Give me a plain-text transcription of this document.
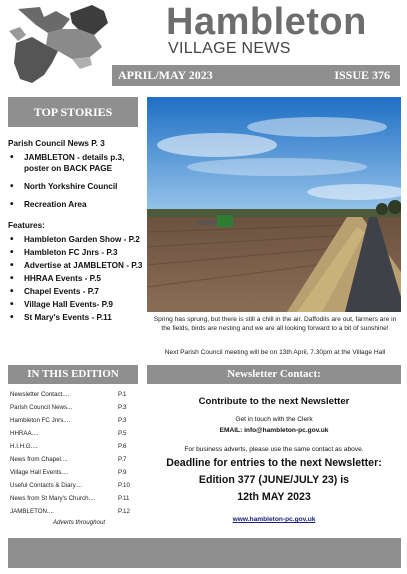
Hambleton
VILLAGE NEWS
APRIL/MAY 2023	ISSUE 376
TOP STORIES
Parish Council News P. 3
• JAMBLETON - details p.3, poster on BACK PAGE
• North Yorkshire Council
• Recreation Area
Features:
• Hambleton Garden Show - P.2
• Hambleton FC Jnrs - P.3
• Advertise at JAMBLETON - P.3
• HHRAA Events - P.5
• Chapel Events - P.7
• Village Hall Events- P.9
• St Mary's Events - P.11	Spring has sprung, but there is still a chill in the air. Daffodils are out, farmers are in the fields, birds are nesting and we are all looking forward to a bit of sunshine!
Next Parish Council meeting will be on 13th April, 7.30pm at the Village Hall
IN THIS EDITION
Newsletter Contact....	P.1
Parish Council News...	P.3
Hambleton FC Jnrs....	P.3
HHRAA....	P.5
H.I.H.G....	P.6
News from Chapel....	P.7
Village Hall Events....	P.9
Useful Contacts & Diary....	P.10
News from St Mary's Church....	P.11
JAMBLETON....	P.12
Adverts throughout
Newsletter Contact:
Contribute to the next Newsletter
Get in touch with the Clerk
EMAIL: info@hambleton-pc.gov.uk
For business adverts, please use the same contact as above.
Deadline for entries to the next Newsletter:
Edition 377 (JUNE/JULY 23) is
12th MAY 2023
www.hambleton-pc.gov.uk
